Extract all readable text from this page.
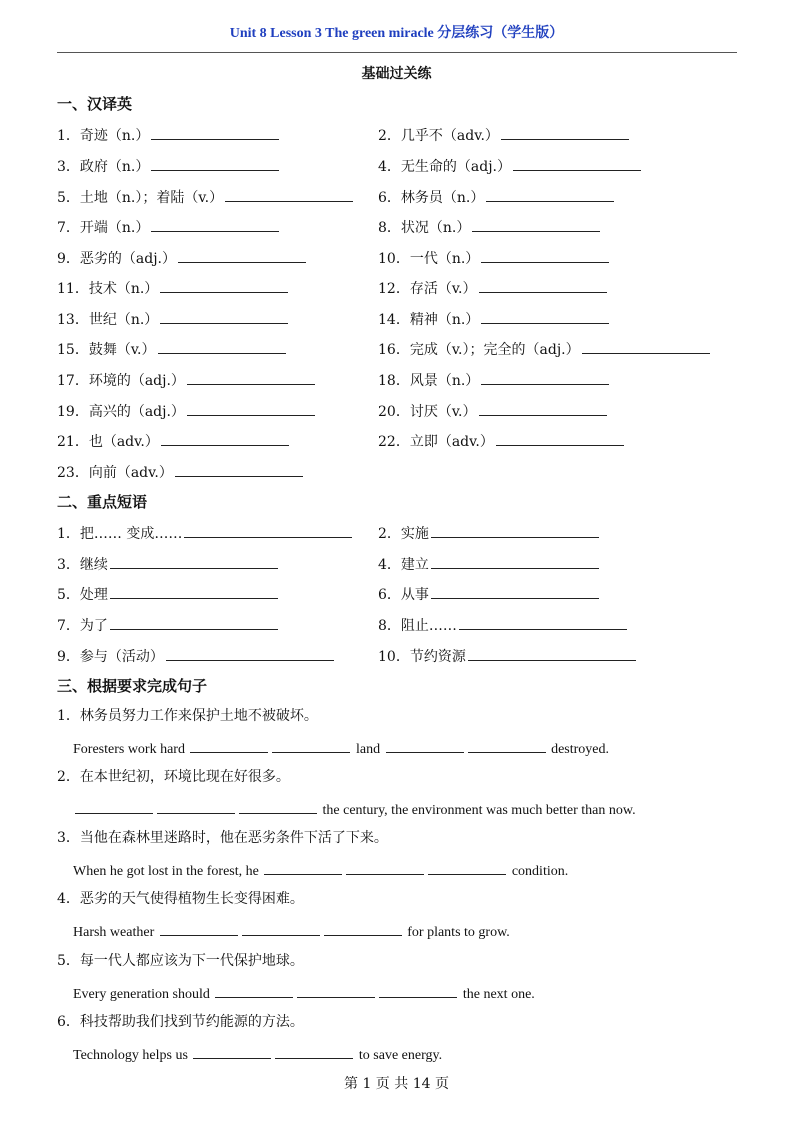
Unit 8 Lesson 3 The green miracle 分层练习（学生版）
基础过关练
一、汉译英
1．奇迹（n.）	2．几乎不（adv.）
3．政府（n.）	4．无生命的（adj.）
5．土地（n.）；着陆（v.）	6．林务员（n.）
7．开端（n.）	8．状况（n.）
9．恶劣的（adj.）	10．一代（n.）
11．技术（n.）	12．存活（v.）
13．世纪（n.）	14．精神（n.）
15．鼓舞（v.）	16．完成（v.）；完全的（adj.）
17．环境的（adj.）	18．风景（n.）
19．高兴的（adj.）	20．讨厌（v.）
21．也（adv.）	22．立即（adv.）
23．向前（adv.）
二、重点短语
1．把…… 变成……	2．实施
3．继续	4．建立
5．处理	6．从事
7．为了	8．阻止……
9．参与（活动）	10．节约资源
三、根据要求完成句子
1．林务员努力工作来保护土地不被破坏。
Foresters work hard	land	destroyed.
2．在本世纪初，环境比现在好很多。
the century, the environment was much better than now.
3．当他在森林里迷路时，他在恶劣条件下活了下来。
When he got lost in the forest, he	condition.
4．恶劣的天气使得植物生长变得困难。
Harsh weather	for plants to grow.
5．每一代人都应该为下一代保护地球。
Every generation should	the next one.
6．科技帮助我们找到节约能源的方法。
Technology helps us	to save energy.
第 1 页 共 14 页
